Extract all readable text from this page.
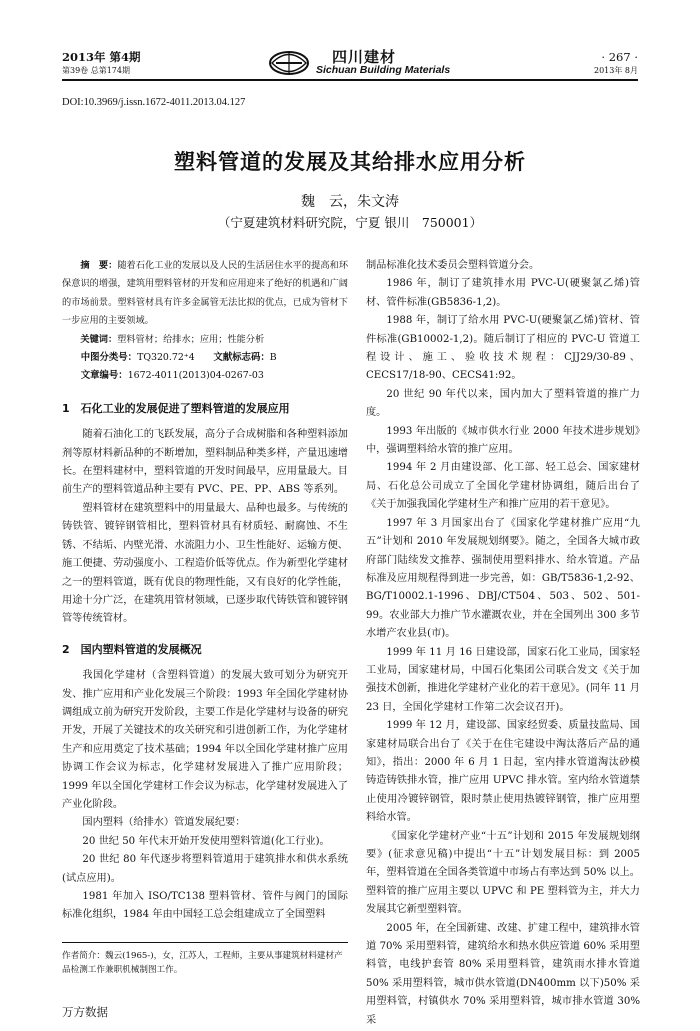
2013年 第4期
第39卷 总第174期
四川建材
Sichuan Building Materials
· 267 ·
2013年 8月
DOI:10.3969/j.issn.1672-4011.2013.04.127
塑料管道的发展及其给排水应用分析
魏　云，朱文涛
（宁夏建筑材料研究院，宁夏 银川　750001）

摘　要：随着石化工业的发展以及人民的生活居住水平的提高和环保意识的增强，建筑用塑料管材的开发和应用迎来了绝好的机遇和广阔的市场前景。塑料管材具有许多金属管无法比拟的优点，已成为管材下一步应用的主要领域。

关键词：塑料管材；给排水；应用；性能分析

中图分类号：TQ320.72⁺4　　 文献标志码：B

文章编号：1672-4011(2013)04-0267-03

1　石化工业的发展促进了塑料管道的发展应用

随着石油化工的飞跃发展，高分子合成树脂和各种塑料添加剂等原材料新品种的不断增加，塑料制品种类多样，产量迅速增长。在塑料建材中，塑料管道的开发时间最早，应用量最大。目前生产的塑料管道品种主要有 PVC、PE、PP、ABS 等系列。

塑料管材在建筑塑料中的用量最大、品种也最多。与传统的铸铁管、镀锌钢管相比，塑料管材具有材质轻、耐腐蚀、不生锈、不结垢、内壁光滑、水流阻力小、卫生性能好、运输方便、施工便捷、劳动强度小、工程造价低等优点。作为新型化学建材之一的塑料管道，既有优良的物理性能，又有良好的化学性能，用途十分广泛，在建筑用管材领域，已逐步取代铸铁管和镀锌钢管等传统管材。

2　国内塑料管道的发展概况

我国化学建材（含塑料管道）的发展大致可划分为研究开发、推广应用和产业化发展三个阶段：1993 年全国化学建材协调组成立前为研究开发阶段，主要工作是化学建材与设备的研究开发，开展了关键技术的攻关研究和引进创新工作，为化学建材生产和应用奠定了技术基础；1994 年以全国化学建材推广应用协调工作会议为标志，化学建材发展进入了推广应用阶段；1999 年以全国化学建材工作会议为标志，化学建材发展进入了产业化阶段。

国内塑料（给排水）管道发展纪要：

20 世纪 50 年代末开始开发使用塑料管道(化工行业)。

20 世纪 80 年代逐步将塑料管道用于建筑排水和供水系统(试点应用)。

1981 年加入 ISO/TC138 塑料管材、管件与阀门的国际标准化组织，1984 年由中国轻工总会组建成立了全国塑料

制品标准化技术委员会塑料管道分会。

1986 年，制订了建筑排水用 PVC-U(硬聚氯乙烯)管材、管件标准(GB5836-1,2)。

1988 年，制订了给水用 PVC-U(硬聚氯乙烯)管材、管件标准(GB10002-1,2)。随后制订了相应的 PVC-U 管道工程设计、施工、验收技术规程：CJJ29/30-89、CECS17/18-90、CECS41:92。

20 世纪 90 年代以来，国内加大了塑料管道的推广力度。

1993 年出版的《城市供水行业 2000 年技术进步规划》中，强调塑料给水管的推广应用。

1994 年 2 月由建设部、化工部、轻工总会、国家建材局、石化总公司成立了全国化学建材协调组，随后出台了《关于加强我国化学建材生产和推广应用的若干意见》。

1997 年 3 月国家出台了《国家化学建材推广应用“九五”计划和 2010 年发展规划纲要》。随之，全国各大城市政府部门陆续发文推荐、强制使用塑料排水、给水管道。产品标准及应用规程得到进一步完善，如：GB/T5836-1,2-92、BG/T10002.1-1996、DBJ/CT504、503、502、501-99。农业部大力推广节水灌溉农业，并在全国列出 300 多节水增产农业县(市)。

1999 年 11 月 16 日建设部，国家石化工业局，国家轻工业局，国家建材局，中国石化集团公司联合发文《关于加强技术创新，推进化学建材产业化的若干意见》。(同年 11 月 23 日，全国化学建材工作第二次会议召开)。

1999 年 12 月，建设部、国家经贸委、质量技监局、国家建材局联合出台了《关于在住宅建设中淘汰落后产品的通知》，指出：2000 年 6 月 1 日起，室内排水管道淘汰砂模铸造铸铁排水管，推广应用 UPVC 排水管。室内给水管道禁止使用冷镀锌钢管，限时禁止使用热镀锌钢管，推广应用塑料给水管。

《国家化学建材产业“十五”计划和 2015 年发展规划纲要》(征求意见稿)中提出“十五”计划发展目标：到 2005 年，塑料管道在全国各类管道中市场占有率达到 50% 以上。塑料管的推广应用主要以 UPVC 和 PE 塑料管为主，并大力发展其它新型塑料管。

2005 年，在全国新建、改建、扩建工程中，建筑排水管道 70% 采用塑料管，建筑给水和热水供应管道 60% 采用塑料管，电线护套管 80% 采用塑料管，建筑雨水排水管道 50% 采用塑料管，城市供水管道(DN400mm 以下)50% 采用塑料管，村镇供水 70% 采用塑料管，城市排水管道 30% 采

作者简介：魏云(1965-)，女，江苏人，工程师，主要从事建筑材料建材产品检测工作兼职机械制图工作。
万方数据
